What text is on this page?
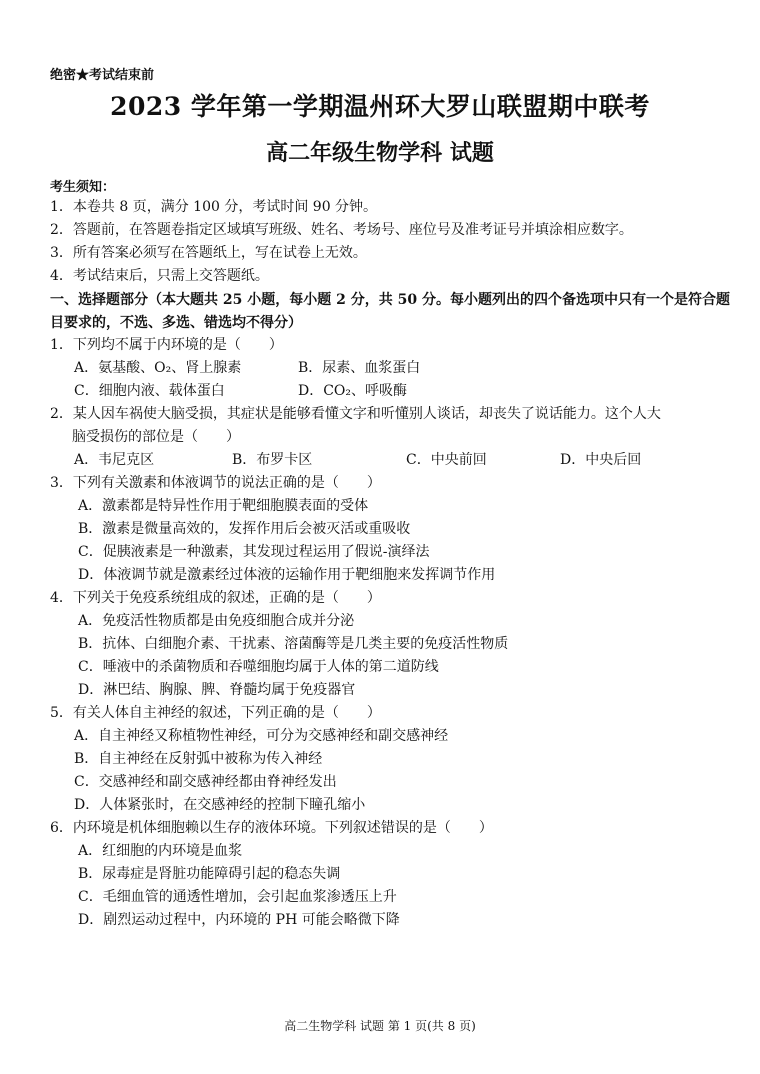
绝密★考试结束前
2023 学年第一学期温州环大罗山联盟期中联考
高二年级生物学科 试题
考生须知：
1．本卷共 8 页，满分 100 分，考试时间 90 分钟。
2．答题前，在答题卷指定区域填写班级、姓名、考场号、座位号及准考证号并填涂相应数字。
3．所有答案必须写在答题纸上，写在试卷上无效。
4．考试结束后，只需上交答题纸。
一、选择题部分（本大题共 25 小题，每小题 2 分，共 50 分。每小题列出的四个备选项中只有一个是符合题目要求的，不选、多选、错选均不得分）
1．下列均不属于内环境的是（　　）
A．氨基酸、O₂、肾上腺素	B．尿素、血浆蛋白
C．细胞内液、载体蛋白	D．CO₂、呼吸酶
2．某人因车祸使大脑受损，其症状是能够看懂文字和听懂别人谈话，却丧失了说话能力。这个人大
脑受损伤的部位是（　　）
A．韦尼克区	B．布罗卡区	C．中央前回	D．中央后回
3．下列有关激素和体液调节的说法正确的是（　　）
A．激素都是特异性作用于靶细胞膜表面的受体
B．激素是微量高效的，发挥作用后会被灭活或重吸收
C．促胰液素是一种激素，其发现过程运用了假说-演绎法
D．体液调节就是激素经过体液的运输作用于靶细胞来发挥调节作用
4．下列关于免疫系统组成的叙述，正确的是（　　）
A．免疫活性物质都是由免疫细胞合成并分泌
B．抗体、白细胞介素、干扰素、溶菌酶等是几类主要的免疫活性物质
C．唾液中的杀菌物质和吞噬细胞均属于人体的第二道防线
D．淋巴结、胸腺、脾、脊髓均属于免疫器官
5．有关人体自主神经的叙述，下列正确的是（　　）
A．自主神经又称植物性神经，可分为交感神经和副交感神经
B．自主神经在反射弧中被称为传入神经
C．交感神经和副交感神经都由脊神经发出
D．人体紧张时，在交感神经的控制下瞳孔缩小
6．内环境是机体细胞赖以生存的液体环境。下列叙述错误的是（　　）
A．红细胞的内环境是血浆
B．尿毒症是肾脏功能障碍引起的稳态失调
C．毛细血管的通透性增加，会引起血浆渗透压上升
D．剧烈运动过程中，内环境的 PH 可能会略微下降
高二生物学科 试题 第 1 页(共 8 页)
